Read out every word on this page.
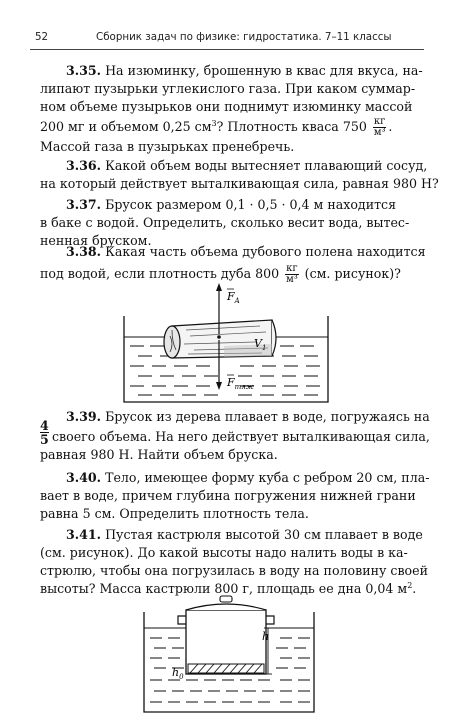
52	Сборник задач по физике: гидростатика. 7–11 классы
3.35. На изюминку, брошенную в квас для вкуса, на-
липают пузырьки углекислого газа. При каком суммар-
ном объеме пузырьков они поднимут изюминку массой
200 мг и объемом 0,25 $см^3$? Плотность кваса $750 \frac{кг}{\text{м³}}$ .
Массой газа в пузырьках пренебречь.
3.36. Какой объем воды вытесняет плавающий сосуд,
на который действует выталкивающая сила, равная 980 Н?
3.37. Брусок размером 0,1 · 0,5 · 0,4 м находится
в баке с водой. Определить, сколько весит вода, вытес-
ненная бруском.
3.38. Какая часть объема дубового полена находится
под водой, если плотность дуба $800 \frac{кг}{\text{м³}} (см$. рисунок)?
$F_A$
$F_{тяж}$
$V_1$
3.39. Брусок из дерева плавает в воде, погружаясь на
$\frac{4}{5}$ своего объема. На него действует выталкивающая сила,
равная 980 Н. Найти объем бруска.
3.40. Тело, имеющее форму куба с ребром 20 см, пла-
вает в воде, причем глубина погружения нижней грани
равна 5 см. Определить плотность тела.
3.41. Пустая кастрюля высотой 30 см плавает в воде
(см. рисунок). До какой высоты надо налить воды в ка-
стрюлю, чтобы она погрузилась в воду на половину своей
высоты? Масса кастрюли 800 г, площадь ее дна 0,04 $м^2$.
h
$h_0$
